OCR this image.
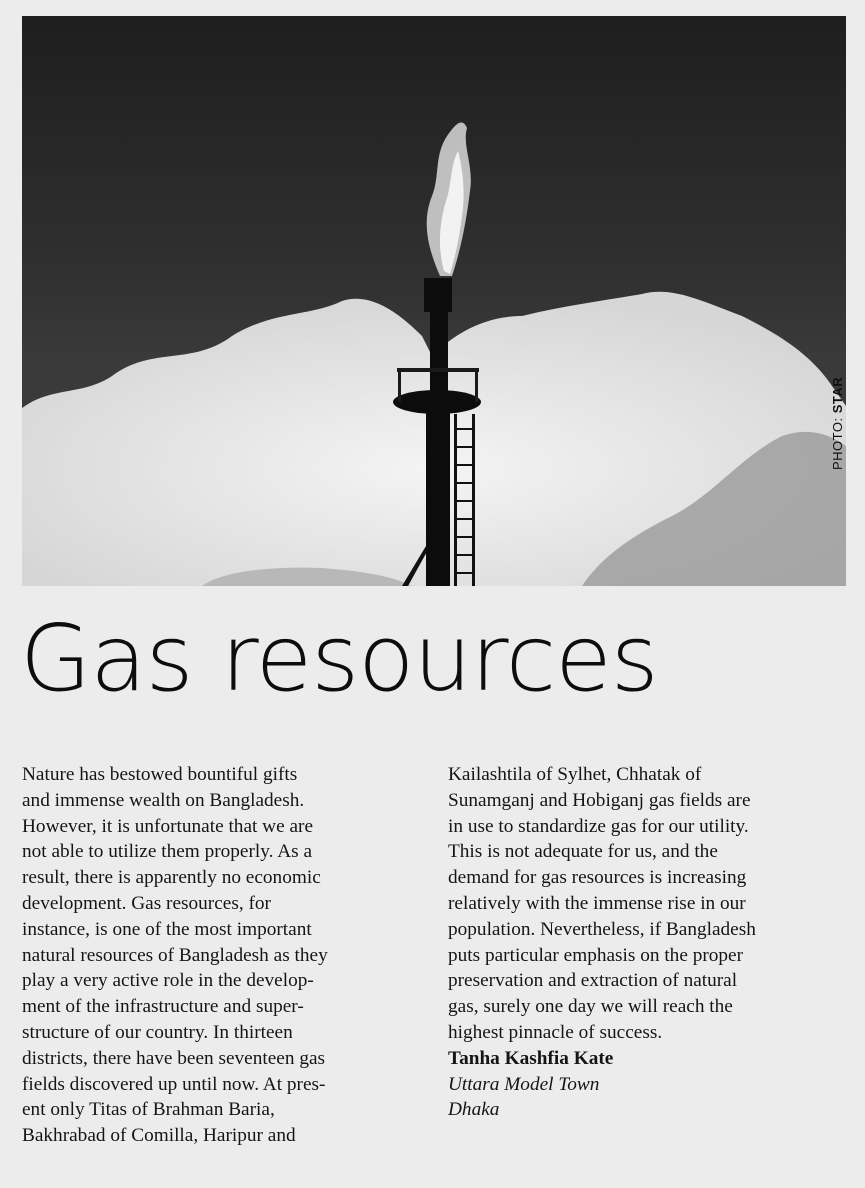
PHOTO: STAR
Gas resources

Nature has bestowed bountiful gifts

and immense wealth on Bangladesh.

However, it is unfortunate that we are

not able to utilize them properly. As a

result, there is apparently no economic

development. Gas resources, for

instance, is one of the most important

natural resources of Bangladesh as they

play a very active role in the develop-

ment of the infrastructure and super-

structure of our country. In thirteen

districts, there have been seventeen gas

fields discovered up until now. At pres-

ent only Titas of Brahman Baria,

Bakhrabad of Comilla, Haripur and

Kailashtila of Sylhet, Chhatak of

Sunamganj and Hobiganj gas fields are

in use to standardize gas for our utility.

This is not adequate for us, and the

demand for gas resources is increasing

relatively with the immense rise in our

population. Nevertheless, if Bangladesh

puts particular emphasis on the proper

preservation and extraction of natural

gas, surely one day we will reach the

highest pinnacle of success.

Tanha Kashfia Kate

Uttara Model Town

Dhaka
